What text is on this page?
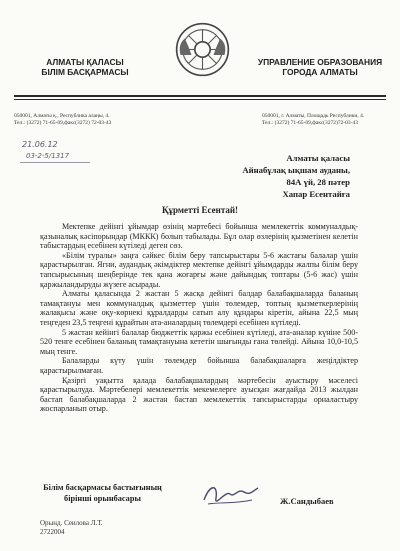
АЛМАТЫ ҚАЛАСЫ
БІЛІМ БАСҚАРМАСЫ
УПРАВЛЕНИЕ ОБРАЗОВАНИЯ
ГОРОДА АЛМАТЫ
050001, Алматы қ., Республика алаңы, 4.
Тел.: (3272) 71-65-09,факс(3272) 72-03-43
050001, г. Алматы, Площадь Республики, 4.
Тел.: (3272) 71-65-09,факс(3272)72-03-43
21.06.12
03-2-5/1317	Алматы қаласы
Айнабұлақ ықшам ауданы,
84А үй, 28 пәтер
Хапар Есентайға
Құрметті Есентай!

Мектепке дейінгі ұйымдар өзінің мәртебесі бойынша мемлекеттік коммуналдық-қазыналық кәсіпорындар (МККК) болып табылады. Бұл олар өзлерінің қызметінен келетін табыстардың есебінен күтіледі деген сөз.

«Білім туралы» заңға сәйкес білім беру тапсырыстары 5-6 жастағы балалар үшін қарастырылған. Ягни, аудандық әкімдіктер мектепке дейінгі ұйымдарды жалпы білім беру тапсырысының шеңберінде тек қана жоғарғы және дайындық топтары (5-6 жас) үшін қаржыландыруды жүзеге асырады.

Алматы қаласында 2 жастан 5 жасқа дейінгі балдар балабақшаларда баланың тамақтануы мен коммуналдық қызметтер үшін төлемдер, топтың қызметкерлерінің жалақысы және оқу-көрнекі құралдарды сатып алу құндары кіретін, айына 22,5 мың теңгеден 23,5 теңгені құрайтын ата-аналардың төлемдері есебінен күтіледі.

5 жастан кейінгі балалар бюджеттік қаржы есебінен күтіледі, ата-аналар күніне 500-520 тенге есебінен баланың тамақтануына кететін шығынды ғана төлейді. Айына 10,0-10,5 мың тенге.

Балаларды күту үшін төлемдер бойынша балабақшаларға жеңілдіктер қарастырылмаған.

Қазіргі уақытта қалада балабақшалардың мәртебесін ауыстыру мәселесі қарастырылуда. Мәртебелері мемлекеттік мекемелерге ауысқан жағдайда 2013 жылдан бастап балабақшаларда 2 жастан бастап мемлекеттік тапсырыстарды орналастыру жоспарланып отыр.

Білім басқармасы бастығының
бірінші орынбасары	Ж.Сандыбаев
Орынд. Сеилова Л.Т.
2722004
